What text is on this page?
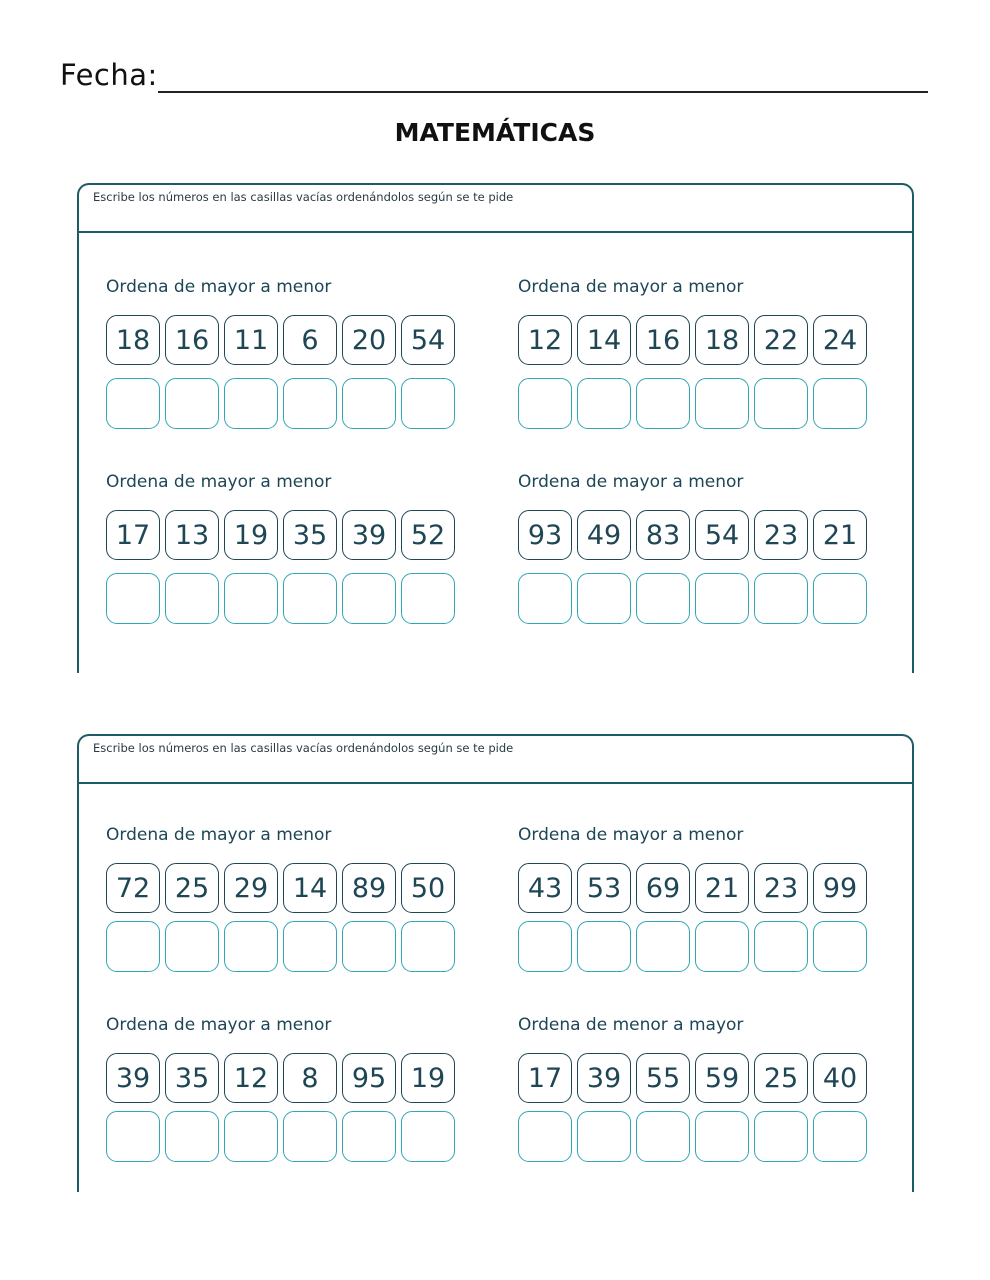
Fecha:
MATEMÁTICAS
Escribe los números en las casillas vacías ordenándolos según se te pide
Ordena de mayor a menor
18 16 11	6	20 54
Ordena de mayor a menor
12 14 16 18 22 24
Ordena de mayor a menor
17 13 19 35 39 52
Ordena de mayor a menor
93 49 83 54 23 21
Escribe los números en las casillas vacías ordenándolos según se te pide
Ordena de mayor a menor
72 25 29 14 89 50
Ordena de mayor a menor
43 53 69 21 23 99
Ordena de mayor a menor
39 35 12	8	95 19
Ordena de menor a mayor
17 39 55 59 25 40
